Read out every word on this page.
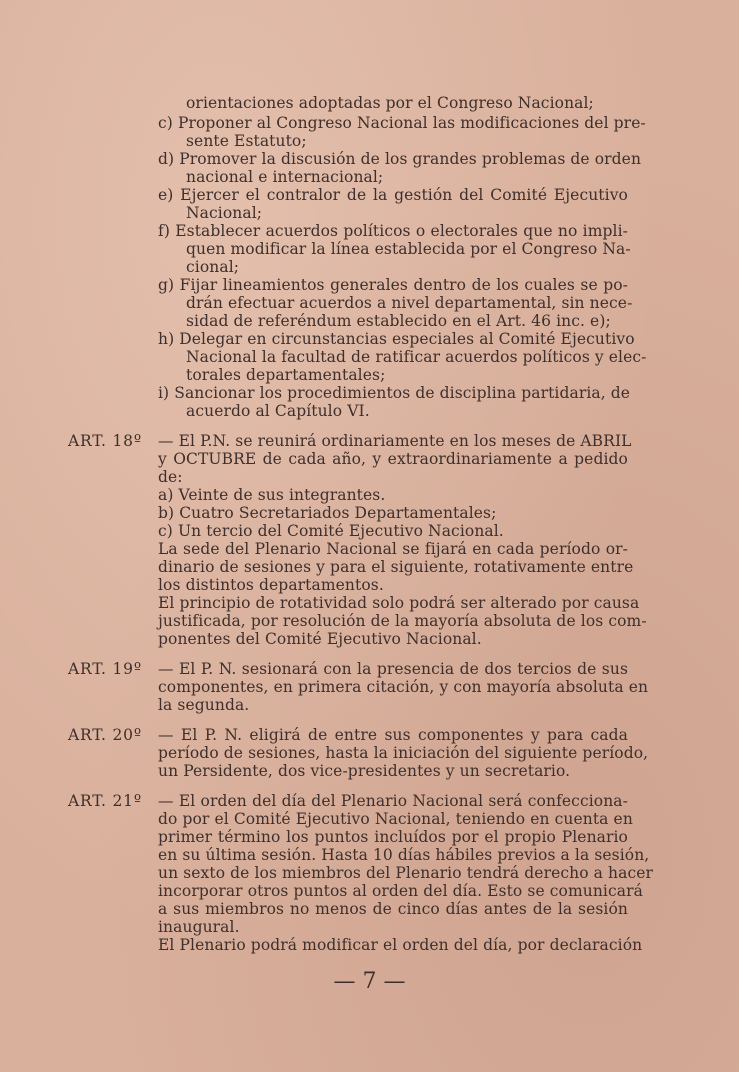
orientaciones adoptadas por el Congreso Nacional;
c) Proponer al Congreso Nacional las modificaciones del pre-
sente Estatuto;
d) Promover la discusión de los grandes problemas de orden
nacional e internacional;
e) Ejercer el contralor de la gestión del Comité Ejecutivo
Nacional;
f) Establecer acuerdos políticos o electorales que no impli-
quen modificar la línea establecida por el Congreso Na-
cional;
g) Fijar lineamientos generales dentro de los cuales se po-
drán efectuar acuerdos a nivel departamental, sin nece-
sidad de referéndum establecido en el Art. 46 inc. e);
h) Delegar en circunstancias especiales al Comité Ejecutivo
Nacional la facultad de ratificar acuerdos políticos y elec-
torales departamentales;
i) Sancionar los procedimientos de disciplina partidaria, de
acuerdo al Capítulo VI.
— El P.N. se reunirá ordinariamente en los meses de ABRIL
y OCTUBRE de cada año, y extraordinariamente a pedido
de:
a) Veinte de sus integrantes.
b) Cuatro Secretariados Departamentales;
c) Un tercio del Comité Ejecutivo Nacional.
La sede del Plenario Nacional se fijará en cada período or-
dinario de sesiones y para el siguiente, rotativamente entre
los distintos departamentos.
El principio de rotatividad solo podrá ser alterado por causa
justificada, por resolución de la mayoría absoluta de los com-
ponentes del Comité Ejecutivo Nacional.
— El P. N. sesionará con la presencia de dos tercios de sus
componentes, en primera citación, y con mayoría absoluta en
la segunda.
— El P. N. eligirá de entre sus componentes y para cada
período de sesiones, hasta la iniciación del siguiente período,
un Persidente, dos vice-presidentes y un secretario.
— El orden del día del Plenario Nacional será confecciona-
do por el Comité Ejecutivo Nacional, teniendo en cuenta en
primer término los puntos incluídos por el propio Plenario
en su última sesión. Hasta 10 días hábiles previos a la sesión,
un sexto de los miembros del Plenario tendrá derecho a hacer
incorporar otros puntos al orden del día. Esto se comunicará
a sus miembros no menos de cinco días antes de la sesión
inaugural.
El Plenario podrá modificar el orden del día, por declaración
ART. 18º
ART. 19º
ART. 20º
ART. 21º
— 7 —
